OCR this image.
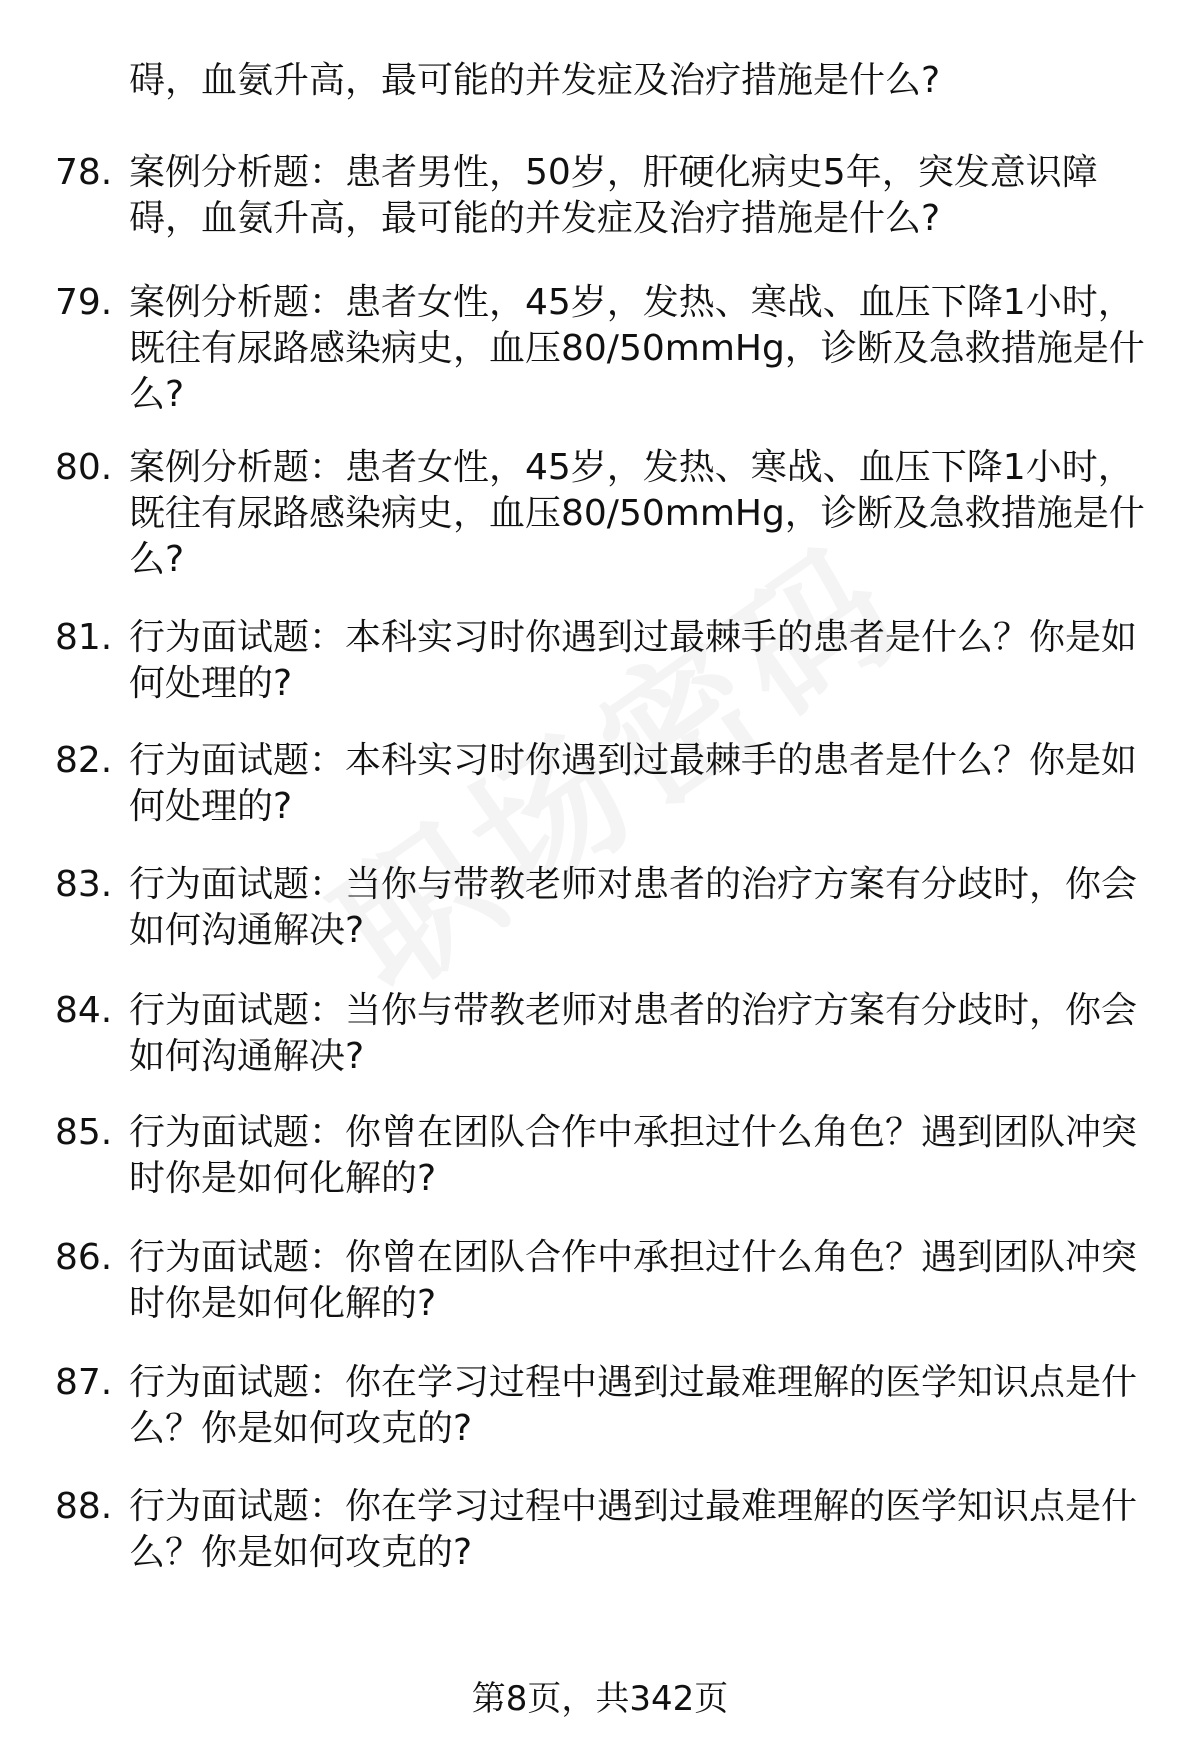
碍，血氨升高，最可能的并发症及治疗措施是什么?
78. 案例分析题：患者男性，50岁，肝硬化病史5年，突发意识障
碍，血氨升高，最可能的并发症及治疗措施是什么?
79. 案例分析题：患者女性，45岁，发热、寒战、血压下降1小时，
既往有尿路感染病史，血压80/50mmHg，诊断及急救措施是什
么?
80. 案例分析题：患者女性，45岁，发热、寒战、血压下降1小时，
既往有尿路感染病史，血压80/50mmHg，诊断及急救措施是什
么?
81. 行为面试题：本科实习时你遇到过最棘手的患者是什么？你是如
何处理的?
82. 行为面试题：本科实习时你遇到过最棘手的患者是什么？你是如
何处理的?
83. 行为面试题：当你与带教老师对患者的治疗方案有分歧时，你会
如何沟通解决?
84. 行为面试题：当你与带教老师对患者的治疗方案有分歧时，你会
如何沟通解决?
85. 行为面试题：你曾在团队合作中承担过什么角色？遇到团队冲突
时你是如何化解的?
86. 行为面试题：你曾在团队合作中承担过什么角色？遇到团队冲突
时你是如何化解的?
87. 行为面试题：你在学习过程中遇到过最难理解的医学知识点是什
么？你是如何攻克的?
88. 行为面试题：你在学习过程中遇到过最难理解的医学知识点是什
么？你是如何攻克的?
第8页，共342页
